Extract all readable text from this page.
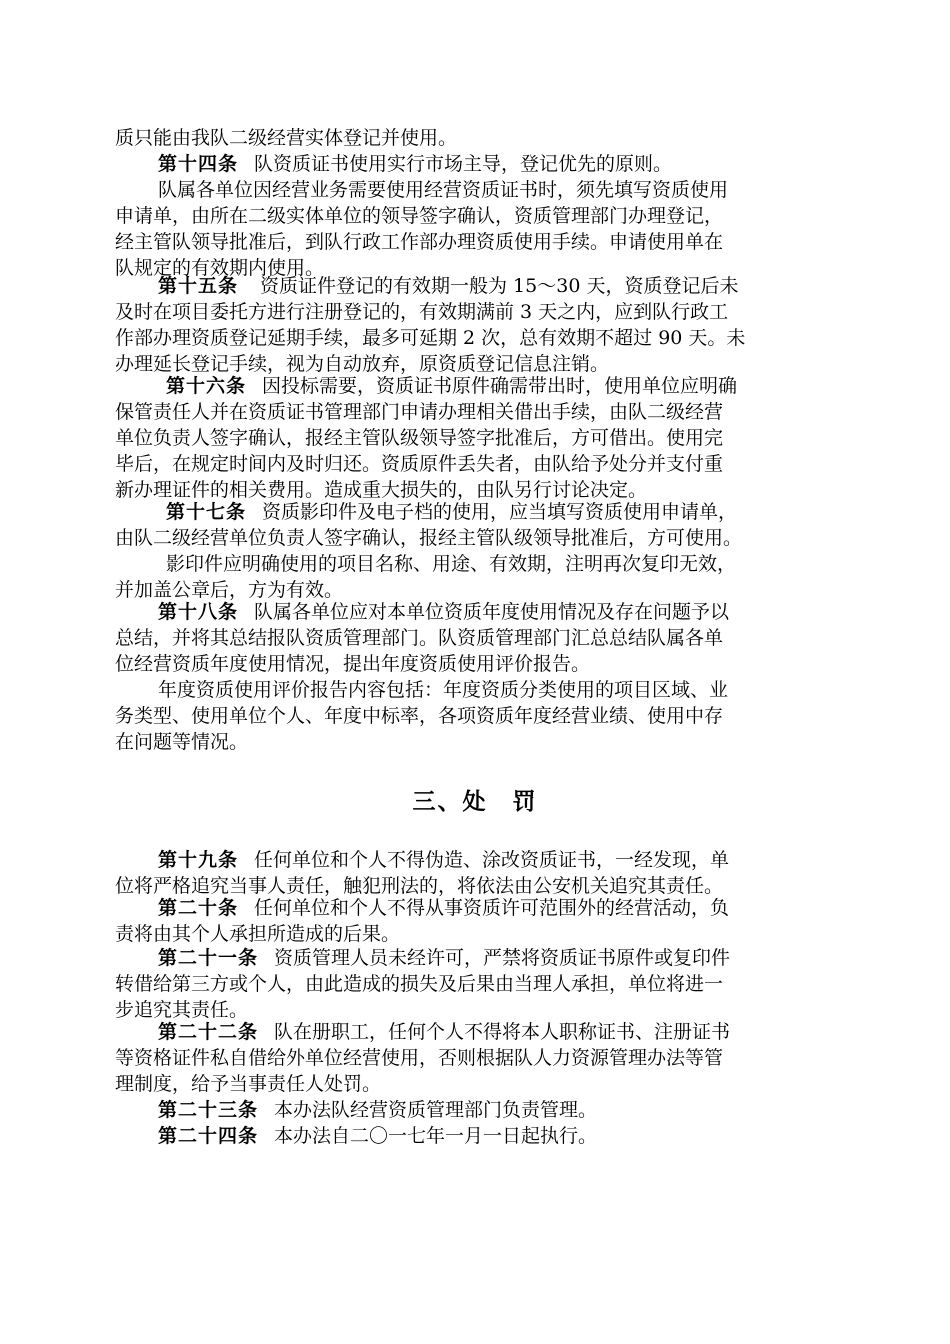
质只能由我队二级经营实体登记并使用。
第十四条 队资质证书使用实行市场主导，登记优先的原则。
队属各单位因经营业务需要使用经营资质证书时，须先填写资质使用
申请单，由所在二级实体单位的领导签字确认，资质管理部门办理登记，
经主管队领导批准后，到队行政工作部办理资质使用手续。申请使用单在
队规定的有效期内使用。
第十五条 资质证件登记的有效期一般为 15～30 天，资质登记后未
及时在项目委托方进行注册登记的，有效期满前 3 天之内，应到队行政工
作部办理资质登记延期手续，最多可延期 2 次，总有效期不超过 90 天。未
办理延长登记手续，视为自动放弃，原资质登记信息注销。
第十六条 因投标需要，资质证书原件确需带出时，使用单位应明确
保管责任人并在资质证书管理部门申请办理相关借出手续，由队二级经营
单位负责人签字确认，报经主管队级领导签字批准后，方可借出。使用完
毕后，在规定时间内及时归还。资质原件丢失者，由队给予处分并支付重
新办理证件的相关费用。造成重大损失的，由队另行讨论决定。
第十七条 资质影印件及电子档的使用，应当填写资质使用申请单，
由队二级经营单位负责人签字确认，报经主管队级领导批准后，方可使用。
影印件应明确使用的项目名称、用途、有效期，注明再次复印无效，
并加盖公章后，方为有效。
第十八条 队属各单位应对本单位资质年度使用情况及存在问题予以
总结，并将其总结报队资质管理部门。队资质管理部门汇总总结队属各单
位经营资质年度使用情况，提出年度资质使用评价报告。
年度资质使用评价报告内容包括：年度资质分类使用的项目区域、业
务类型、使用单位个人、年度中标率，各项资质年度经营业绩、使用中存
在问题等情况。
三、处　罚
第十九条 任何单位和个人不得伪造、涂改资质证书，一经发现，单
位将严格追究当事人责任，触犯刑法的，将依法由公安机关追究其责任。
第二十条 任何单位和个人不得从事资质许可范围外的经营活动，负
责将由其个人承担所造成的后果。
第二十一条 资质管理人员未经许可，严禁将资质证书原件或复印件
转借给第三方或个人，由此造成的损失及后果由当理人承担，单位将进一
步追究其责任。
第二十二条 队在册职工，任何个人不得将本人职称证书、注册证书
等资格证件私自借给外单位经营使用，否则根据队人力资源管理办法等管
理制度，给予当事责任人处罚。
第二十三条 本办法队经营资质管理部门负责管理。
第二十四条 本办法自二〇一七年一月一日起执行。
